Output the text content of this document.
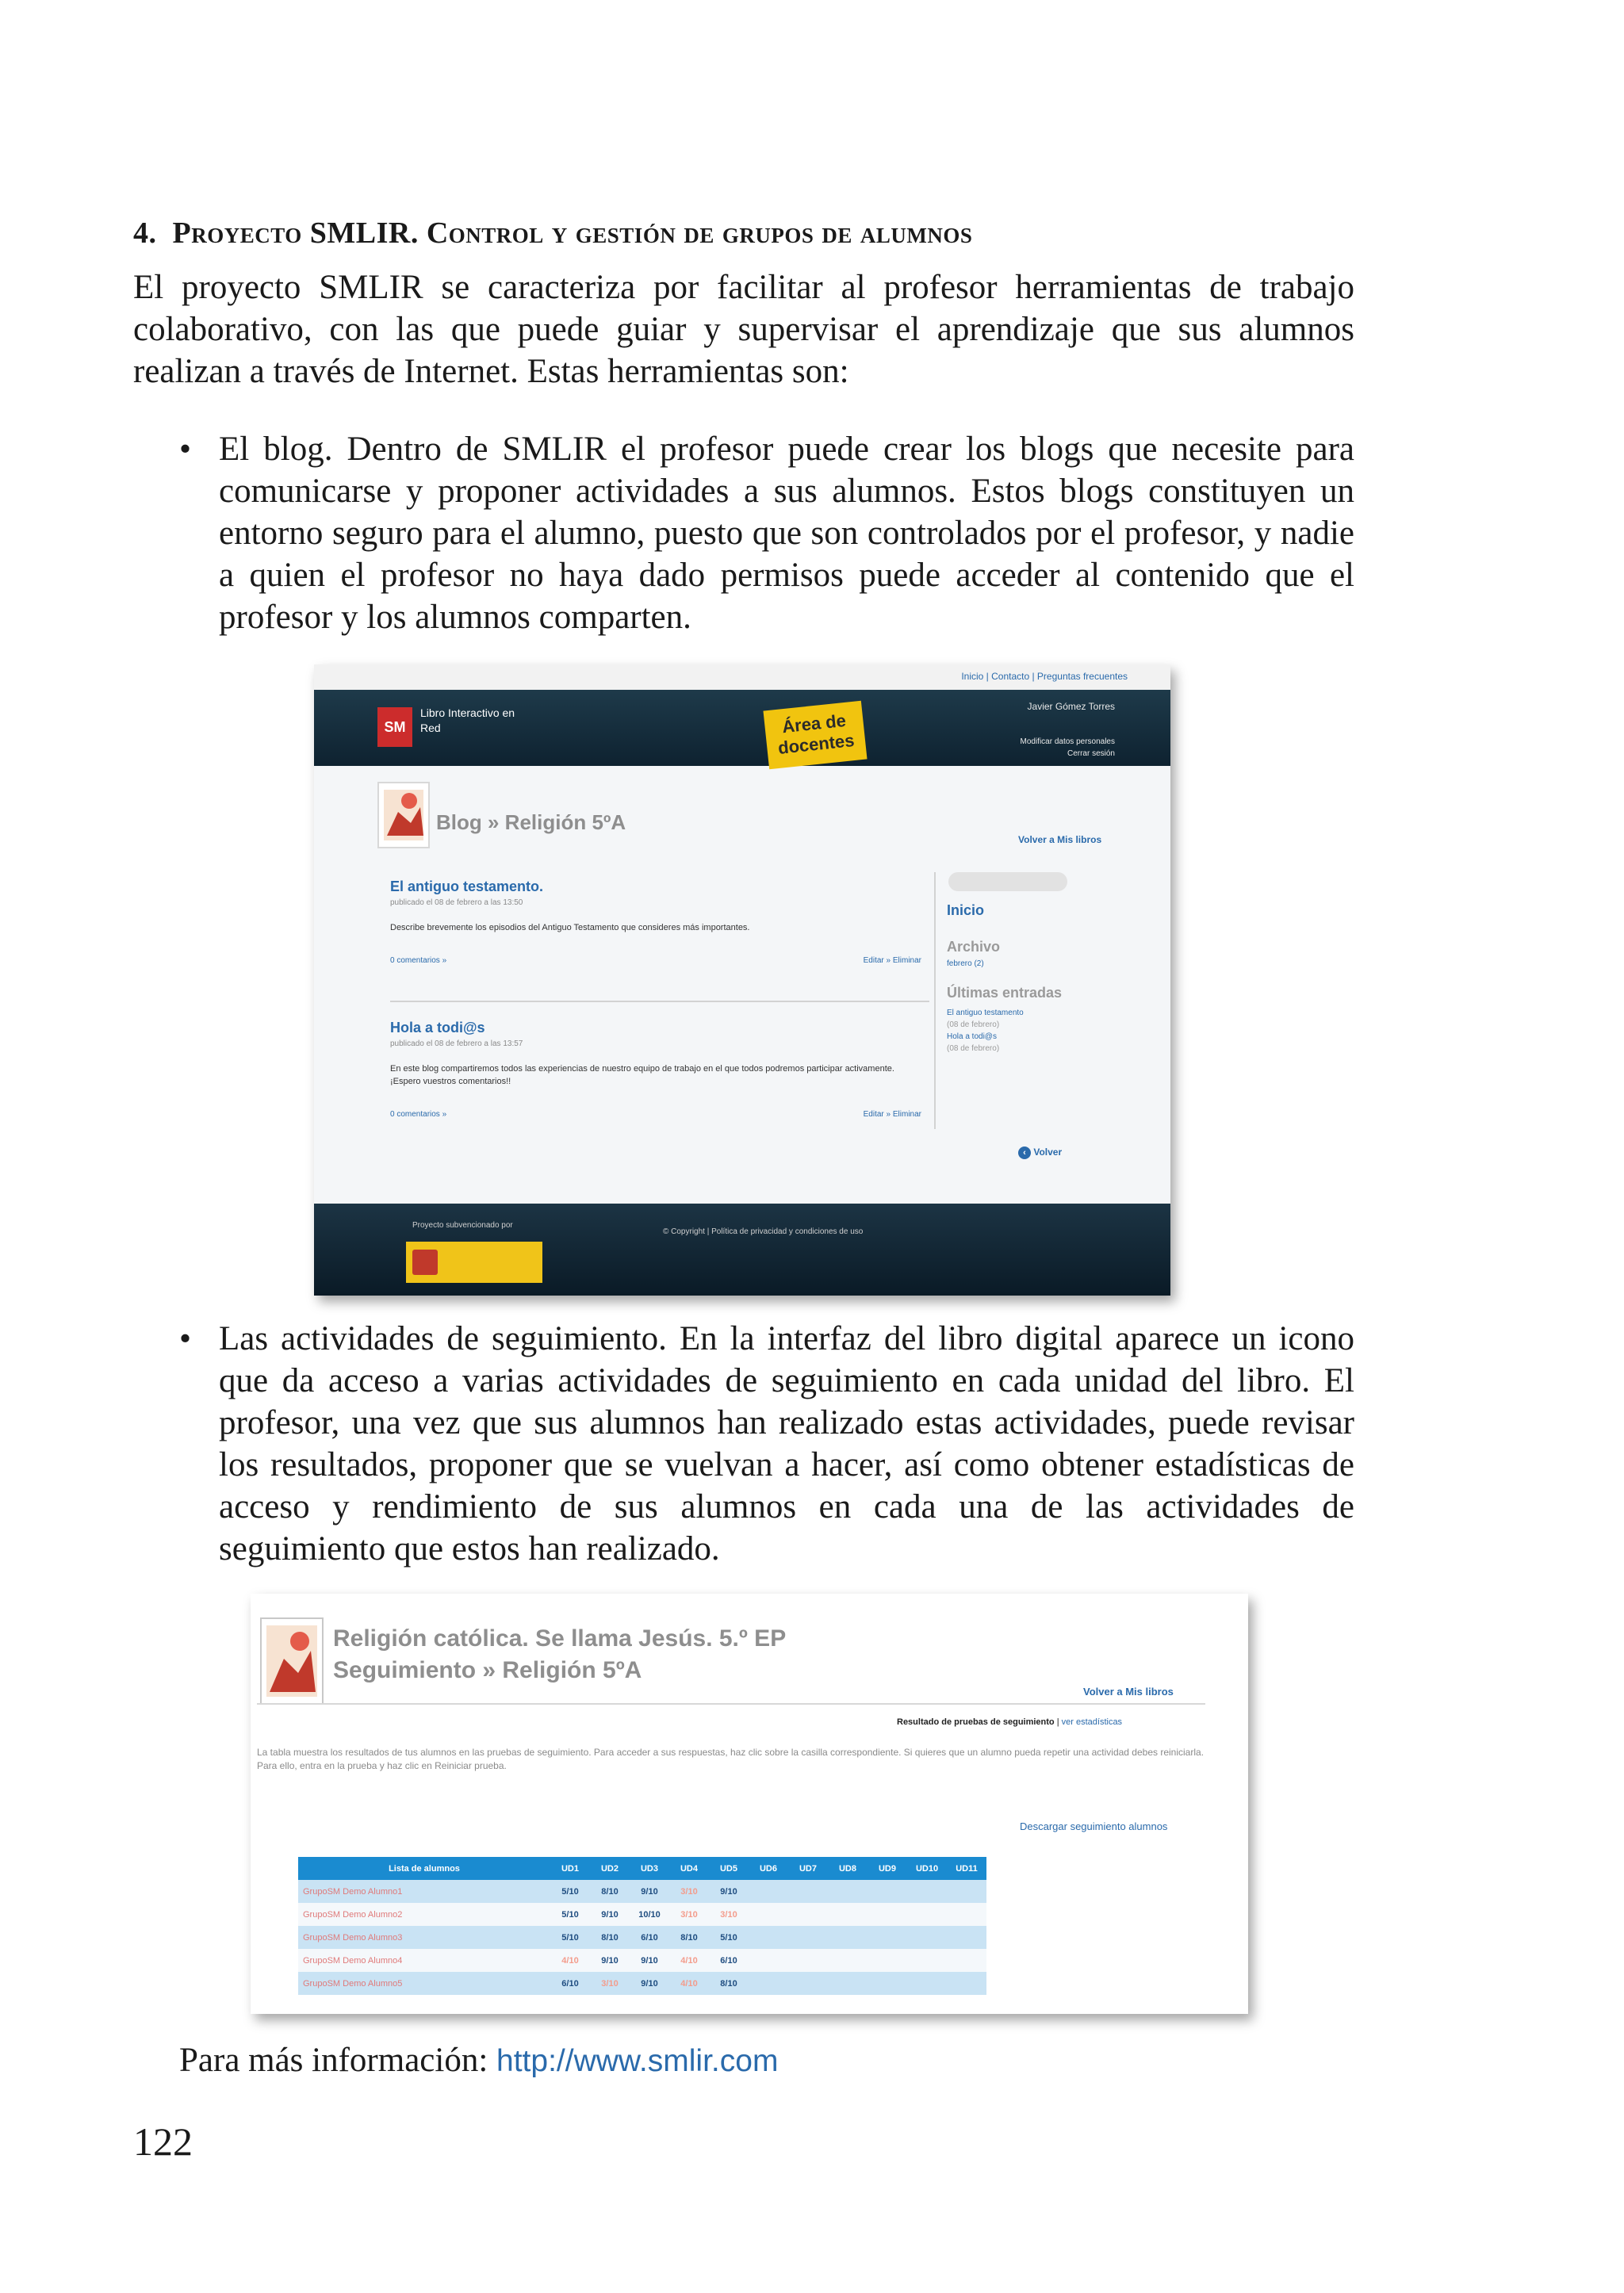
4. Proyecto SMLIR. Control y gestión de grupos de alumnos
El proyecto SMLIR se caracteriza por facilitar al profesor herramientas de trabajo colaborativo, con las que puede guiar y supervisar el aprendizaje que sus alumnos realizan a través de Internet. Estas herramientas son:
• El blog. Dentro de SMLIR el profesor puede crear los blogs que necesite para comunicarse y proponer actividades a sus alumnos. Estos blogs constituyen un entorno seguro para el alumno, puesto que son controlados por el profesor, y nadie a quien el profesor no haya dado permisos puede acceder al contenido que el profesor y los alumnos comparten.
Inicio | Contacto | Preguntas frecuentes
SM
Libro Interactivo en Red	Área de docentes
Javier Gómez Torres
Modificar datos personales
Cerrar sesión
Blog » Religión 5ºA
Volver a Mis libros
El antiguo testamento.
publicado el 08 de febrero a las 13:50
Describe brevemente los episodios del Antiguo Testamento que consideres más importantes.
0 comentarios »	Editar » Eliminar
Hola a todi@s
publicado el 08 de febrero a las 13:57
En este blog compartiremos todos las experiencias de nuestro equipo de trabajo en el que todos podremos participar activamente. ¡Espero vuestros comentarios!!
0 comentarios »	Editar » Eliminar
Inicio
Archivo
febrero (2)
Últimas entradas
El antiguo testamento
(08 de febrero)
Hola a todi@s
(08 de febrero)
‹ Volver
Proyecto subvencionado por
© Copyright | Política de privacidad y condiciones de uso
• Las actividades de seguimiento. En la interfaz del libro digital aparece un icono que da acceso a varias actividades de seguimiento en cada unidad del libro. El profesor, una vez que sus alumnos han realizado estas actividades, puede revisar los resultados, proponer que se vuelvan a hacer, así como obtener estadísticas de acceso y rendimiento de sus alumnos en cada una de las actividades de seguimiento que estos han realizado.
Religión católica. Se llama Jesús. 5.º EP
Seguimiento » Religión 5ºA
Volver a Mis libros
Resultado de pruebas de seguimiento | ver estadísticas
La tabla muestra los resultados de tus alumnos en las pruebas de seguimiento. Para acceder a sus respuestas, haz clic sobre la casilla correspondiente. Si quieres que un alumno pueda repetir una actividad debes reiniciarla. Para ello, entra en la prueba y haz clic en Reiniciar prueba.
Descargar seguimiento alumnos
Lista de alumnos	UD1	UD2	UD3	UD4	UD5	UD6	UD7	UD8	UD9	UD10	UD11
GrupoSM Demo Alumno1	5/10	8/10	9/10	3/10	9/10						
GrupoSM Demo Alumno2	5/10	9/10	10/10	3/10	3/10						
GrupoSM Demo Alumno3	5/10	8/10	6/10	8/10	5/10						
GrupoSM Demo Alumno4	4/10	9/10	9/10	4/10	6/10						
GrupoSM Demo Alumno5	6/10	3/10	9/10	4/10	8/10						
Para más información: http://www.smlir.com
122
